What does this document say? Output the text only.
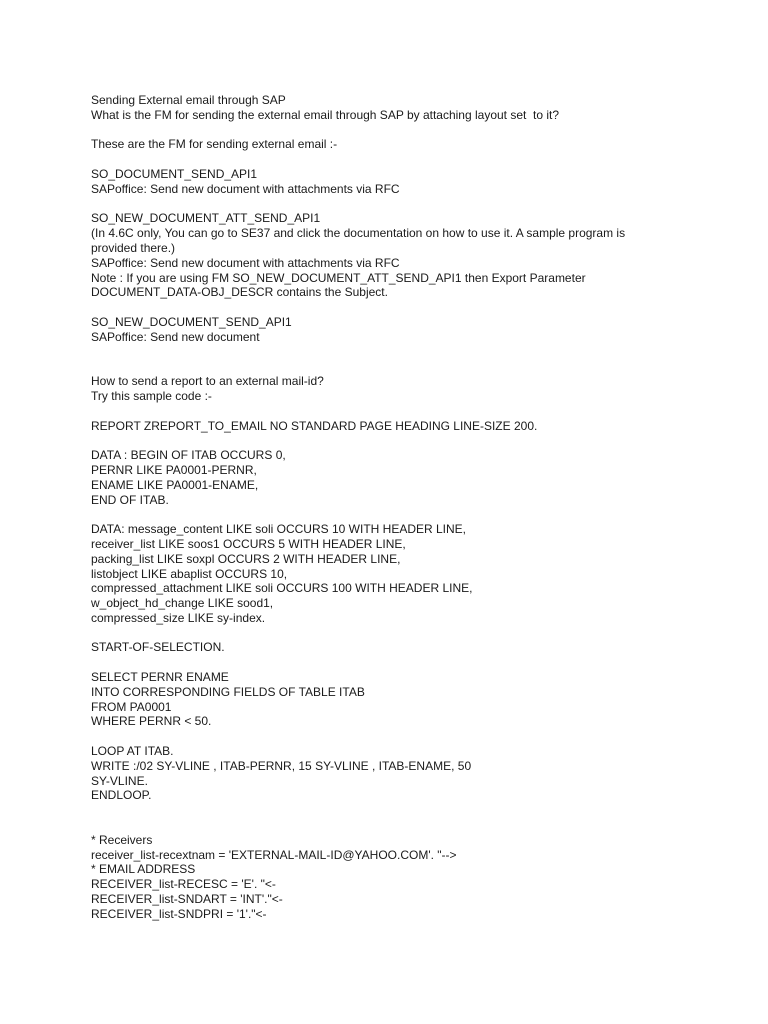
Sending External email through SAP
What is the FM for sending the external email through SAP by attaching layout set  to it?
These are the FM for sending external email :-
SO_DOCUMENT_SEND_API1
SAPoffice: Send new document with attachments via RFC
SO_NEW_DOCUMENT_ATT_SEND_API1
(In 4.6C only, You can go to SE37 and click the documentation on how to use it. A sample program is
provided there.)
SAPoffice: Send new document with attachments via RFC
Note : If you are using FM SO_NEW_DOCUMENT_ATT_SEND_API1 then Export Parameter
DOCUMENT_DATA-OBJ_DESCR contains the Subject.
SO_NEW_DOCUMENT_SEND_API1
SAPoffice: Send new document
How to send a report to an external mail-id?
Try this sample code :-
REPORT ZREPORT_TO_EMAIL NO STANDARD PAGE HEADING LINE-SIZE 200.
DATA : BEGIN OF ITAB OCCURS 0,
PERNR LIKE PA0001-PERNR,
ENAME LIKE PA0001-ENAME,
END OF ITAB.
DATA: message_content LIKE soli OCCURS 10 WITH HEADER LINE,
receiver_list LIKE soos1 OCCURS 5 WITH HEADER LINE,
packing_list LIKE soxpl OCCURS 2 WITH HEADER LINE,
listobject LIKE abaplist OCCURS 10,
compressed_attachment LIKE soli OCCURS 100 WITH HEADER LINE,
w_object_hd_change LIKE sood1,
compressed_size LIKE sy-index.
START-OF-SELECTION.
SELECT PERNR ENAME
INTO CORRESPONDING FIELDS OF TABLE ITAB
FROM PA0001
WHERE PERNR < 50.
LOOP AT ITAB.
WRITE :/02 SY-VLINE , ITAB-PERNR, 15 SY-VLINE , ITAB-ENAME, 50
SY-VLINE.
ENDLOOP.
* Receivers
receiver_list-recextnam = 'EXTERNAL-MAIL-ID@YAHOO.COM'. "-->
* EMAIL ADDRESS
RECEIVER_list-RECESC = 'E'. "<-
RECEIVER_list-SNDART = 'INT'."<-
RECEIVER_list-SNDPRI = '1'."<-
